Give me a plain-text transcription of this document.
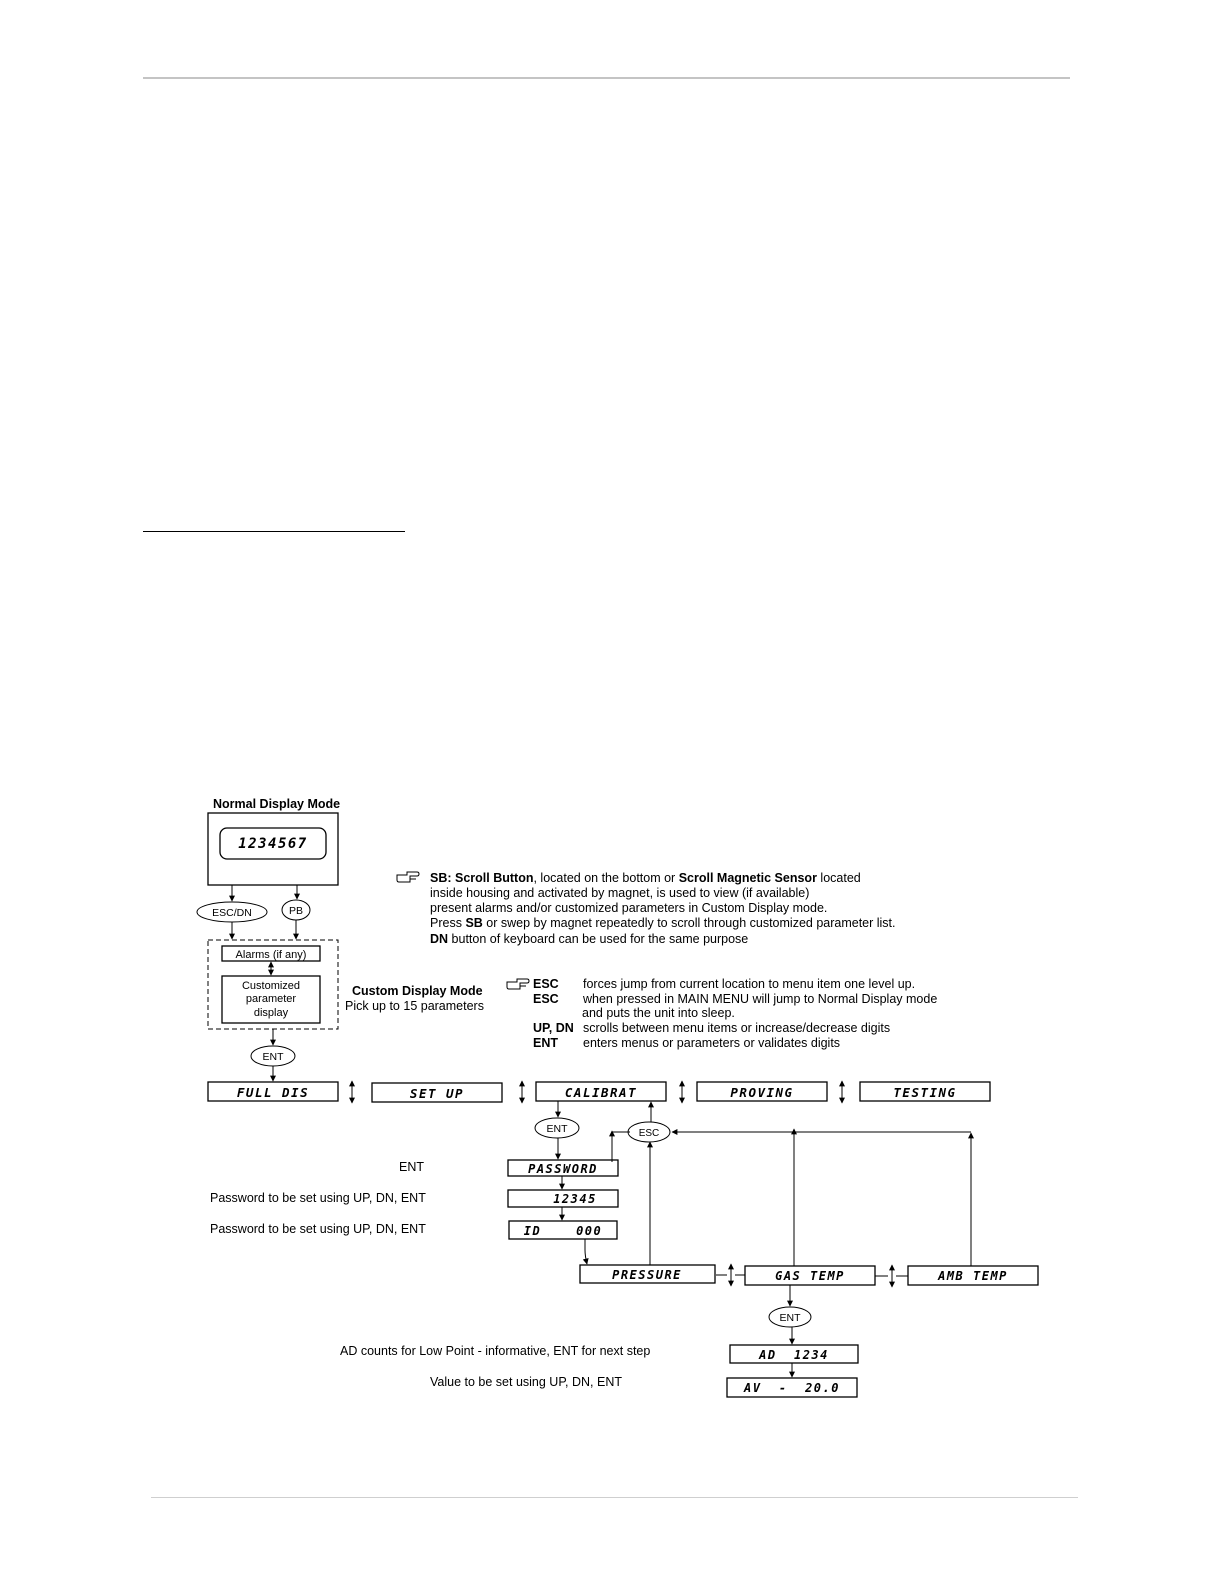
Normal Display Mode
1234567
ESC/DN	PB
Alarms (if any)
Customized
parameter
display
Custom Display Mode
Pick up to 15 parameters
ENT
SB: Scroll Button, located on the bottom or Scroll Magnetic Sensor located
inside housing and activated by magnet, is used to view (if available)
present alarms and/or customized parameters in Custom Display mode.
Press SB or swep by magnet repeatedly to scroll through customized parameter list.
DN button of keyboard can be used for the same purpose
ESC forces jump from current location to menu item one level up.
ESC when pressed in MAIN MENU will jump to Normal Display mode
and puts the unit into sleep.
UP, DN scrolls between menu items or increase/decrease digits
ENT enters menus or parameters or validates digits
FULL DIS	SET UP	CALIBRAT	PROVING	TESTING
ENT
ENT	PASSWORD
Password to be set using UP, DN, ENT	12345
Password to be set using UP, DN, ENT	ID    000
ESC
PRESSURE	GAS TEMP	AMB TEMP
ENT
AD counts for Low Point - informative, ENT for next step	AD  1234
Value to be set using UP, DN, ENT	AV  -  20.0
